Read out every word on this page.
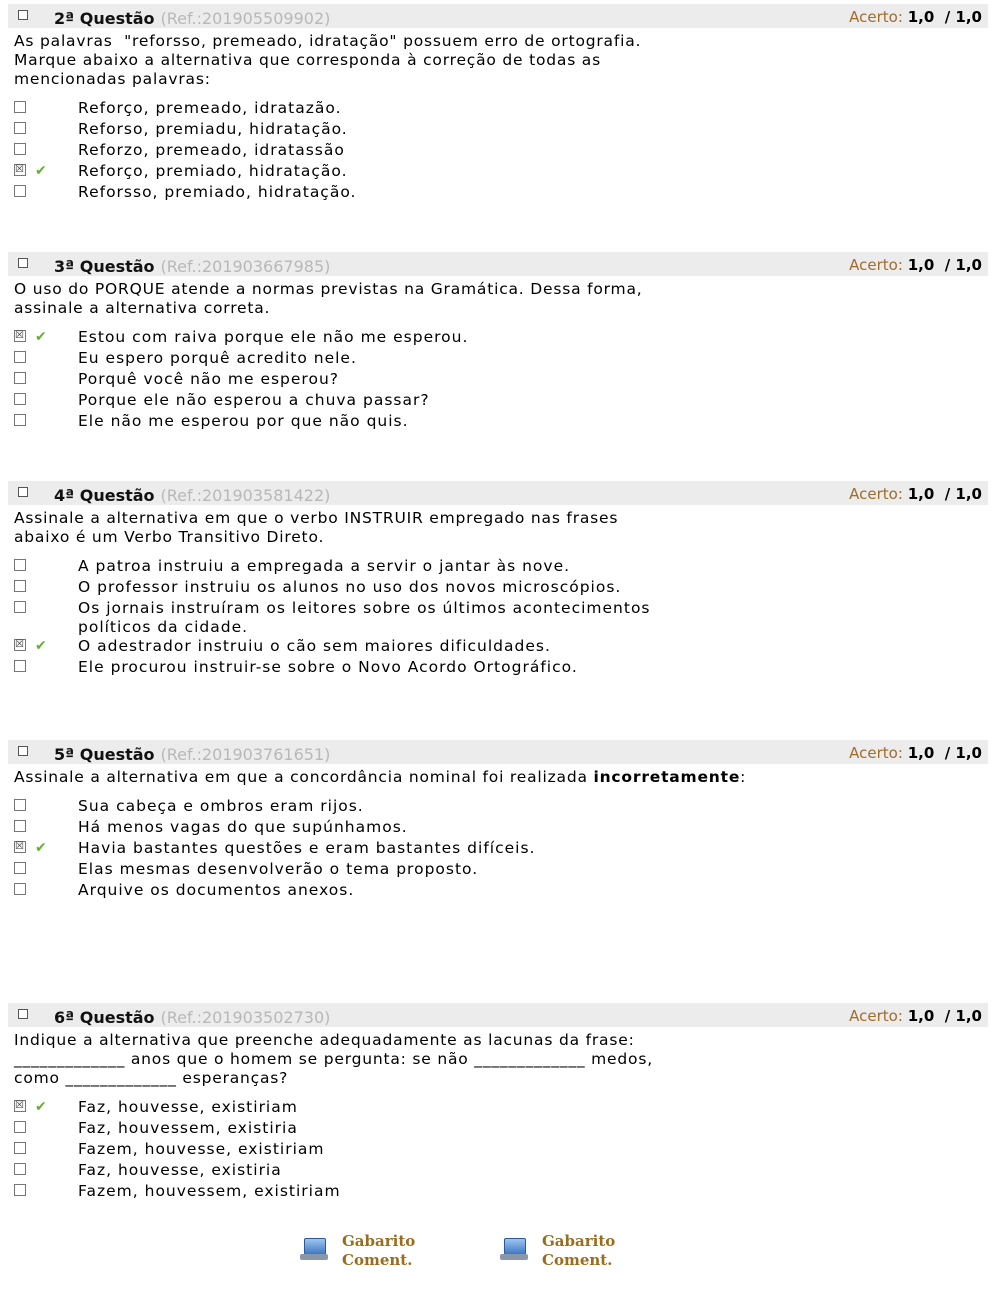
2ª Questão (Ref.:201905509902)	Acerto: 1,0  / 1,0
As palavras  "reforsso, premeado, idratação" possuem erro de ortografia.
Marque abaixo a alternativa que corresponda à correção de todas as
mencionadas palavras:
Reforço, premeado, idratazão.
Reforso, premiadu, hidratação.
Reforzo, premeado, idratassão
☒ ✔ Reforço, premiado, hidratação.
Reforsso, premiado, hidratação.
3ª Questão (Ref.:201903667985)	Acerto: 1,0  / 1,0
O uso do PORQUE atende a normas previstas na Gramática. Dessa forma,
assinale a alternativa correta.
☒ ✔ Estou com raiva porque ele não me esperou.
Eu espero porquê acredito nele.
Porquê você não me esperou?
Porque ele não esperou a chuva passar?
Ele não me esperou por que não quis.
4ª Questão (Ref.:201903581422)	Acerto: 1,0  / 1,0
Assinale a alternativa em que o verbo INSTRUIR empregado nas frases
abaixo é um Verbo Transitivo Direto.
A patroa instruiu a empregada a servir o jantar às nove.
O professor instruiu os alunos no uso dos novos microscópios.
Os jornais instruíram os leitores sobre os últimos acontecimentos
políticos da cidade.
☒ ✔ O adestrador instruiu o cão sem maiores dificuldades.
Ele procurou instruir-se sobre o Novo Acordo Ortográfico.
5ª Questão (Ref.:201903761651)	Acerto: 1,0  / 1,0
Assinale a alternativa em que a concordância nominal foi realizada incorretamente:
Sua cabeça e ombros eram rijos.
Há menos vagas do que supúnhamos.
☒ ✔ Havia bastantes questões e eram bastantes difíceis.
Elas mesmas desenvolverão o tema proposto.
Arquive os documentos anexos.
6ª Questão (Ref.:201903502730)	Acerto: 1,0  / 1,0
Indique a alternativa que preenche adequadamente as lacunas da frase:
_____________ anos que o homem se pergunta: se não _____________ medos,
como _____________ esperanças?
☒ ✔ Faz, houvesse, existiriam
Faz, houvessem, existiria
Fazem, houvesse, existiriam
Faz, houvesse, existiria
Fazem, houvessem, existiriam
Gabarito
Coment.
Gabarito
Coment.
